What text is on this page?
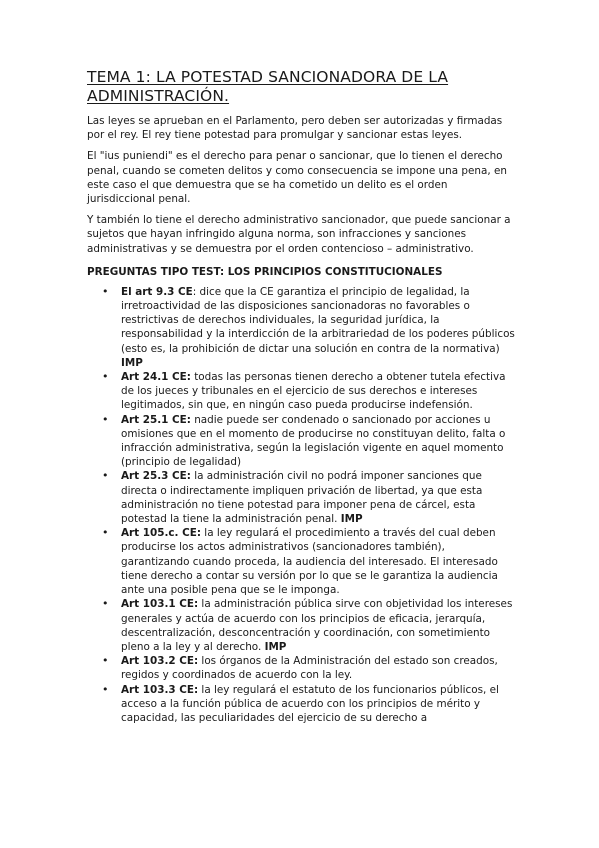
TEMA 1: LA POTESTAD SANCIONADORA DE LA ADMINISTRACIÓN.

Las leyes se aprueban en el Parlamento, pero deben ser autorizadas y firmadas por el rey. El rey tiene potestad para promulgar y sancionar estas leyes.

El "ius puniendi" es el derecho para penar o sancionar, que lo tienen el derecho penal, cuando se cometen delitos y como consecuencia se impone una pena, en este caso el que demuestra que se ha cometido un delito es el orden jurisdiccional penal.

Y también lo tiene el derecho administrativo sancionador, que puede sancionar a sujetos que hayan infringido alguna norma, son infracciones y sanciones administrativas y se demuestra por el orden contencioso – administrativo.

PREGUNTAS TIPO TEST: LOS PRINCIPIOS CONSTITUCIONALES
• El art 9.3 CE: dice que la CE garantiza el principio de legalidad, la irretroactividad de las disposiciones sancionadoras no favorables o restrictivas de derechos individuales, la seguridad jurídica, la responsabilidad y la interdicción de la arbitrariedad de los poderes públicos (esto es, la prohibición de dictar una solución en contra de la normativa) IMP
• Art 24.1 CE: todas las personas tienen derecho a obtener tutela efectiva de los jueces y tribunales en el ejercicio de sus derechos e intereses legitimados, sin que, en ningún caso pueda producirse indefensión.
• Art 25.1 CE: nadie puede ser condenado o sancionado por acciones u omisiones que en el momento de producirse no constituyan delito, falta o infracción administrativa, según la legislación vigente en aquel momento (principio de legalidad)
• Art 25.3 CE: la administración civil no podrá imponer sanciones que directa o indirectamente impliquen privación de libertad, ya que esta administración no tiene potestad para imponer pena de cárcel, esta potestad la tiene la administración penal. IMP
• Art 105.c. CE: la ley regulará el procedimiento a través del cual deben producirse los actos administrativos (sancionadores también), garantizando cuando proceda, la audiencia del interesado. El interesado tiene derecho a contar su versión por lo que se le garantiza la audiencia ante una posible pena que se le imponga.
• Art 103.1 CE: la administración pública sirve con objetividad los intereses generales y actúa de acuerdo con los principios de eficacia, jerarquía, descentralización, desconcentración y coordinación, con sometimiento pleno a la ley y al derecho. IMP
• Art 103.2 CE: los órganos de la Administración del estado son creados, regidos y coordinados de acuerdo con la ley.
• Art 103.3 CE: la ley regulará el estatuto de los funcionarios públicos, el acceso a la función pública de acuerdo con los principios de mérito y capacidad, las peculiaridades del ejercicio de su derecho a
